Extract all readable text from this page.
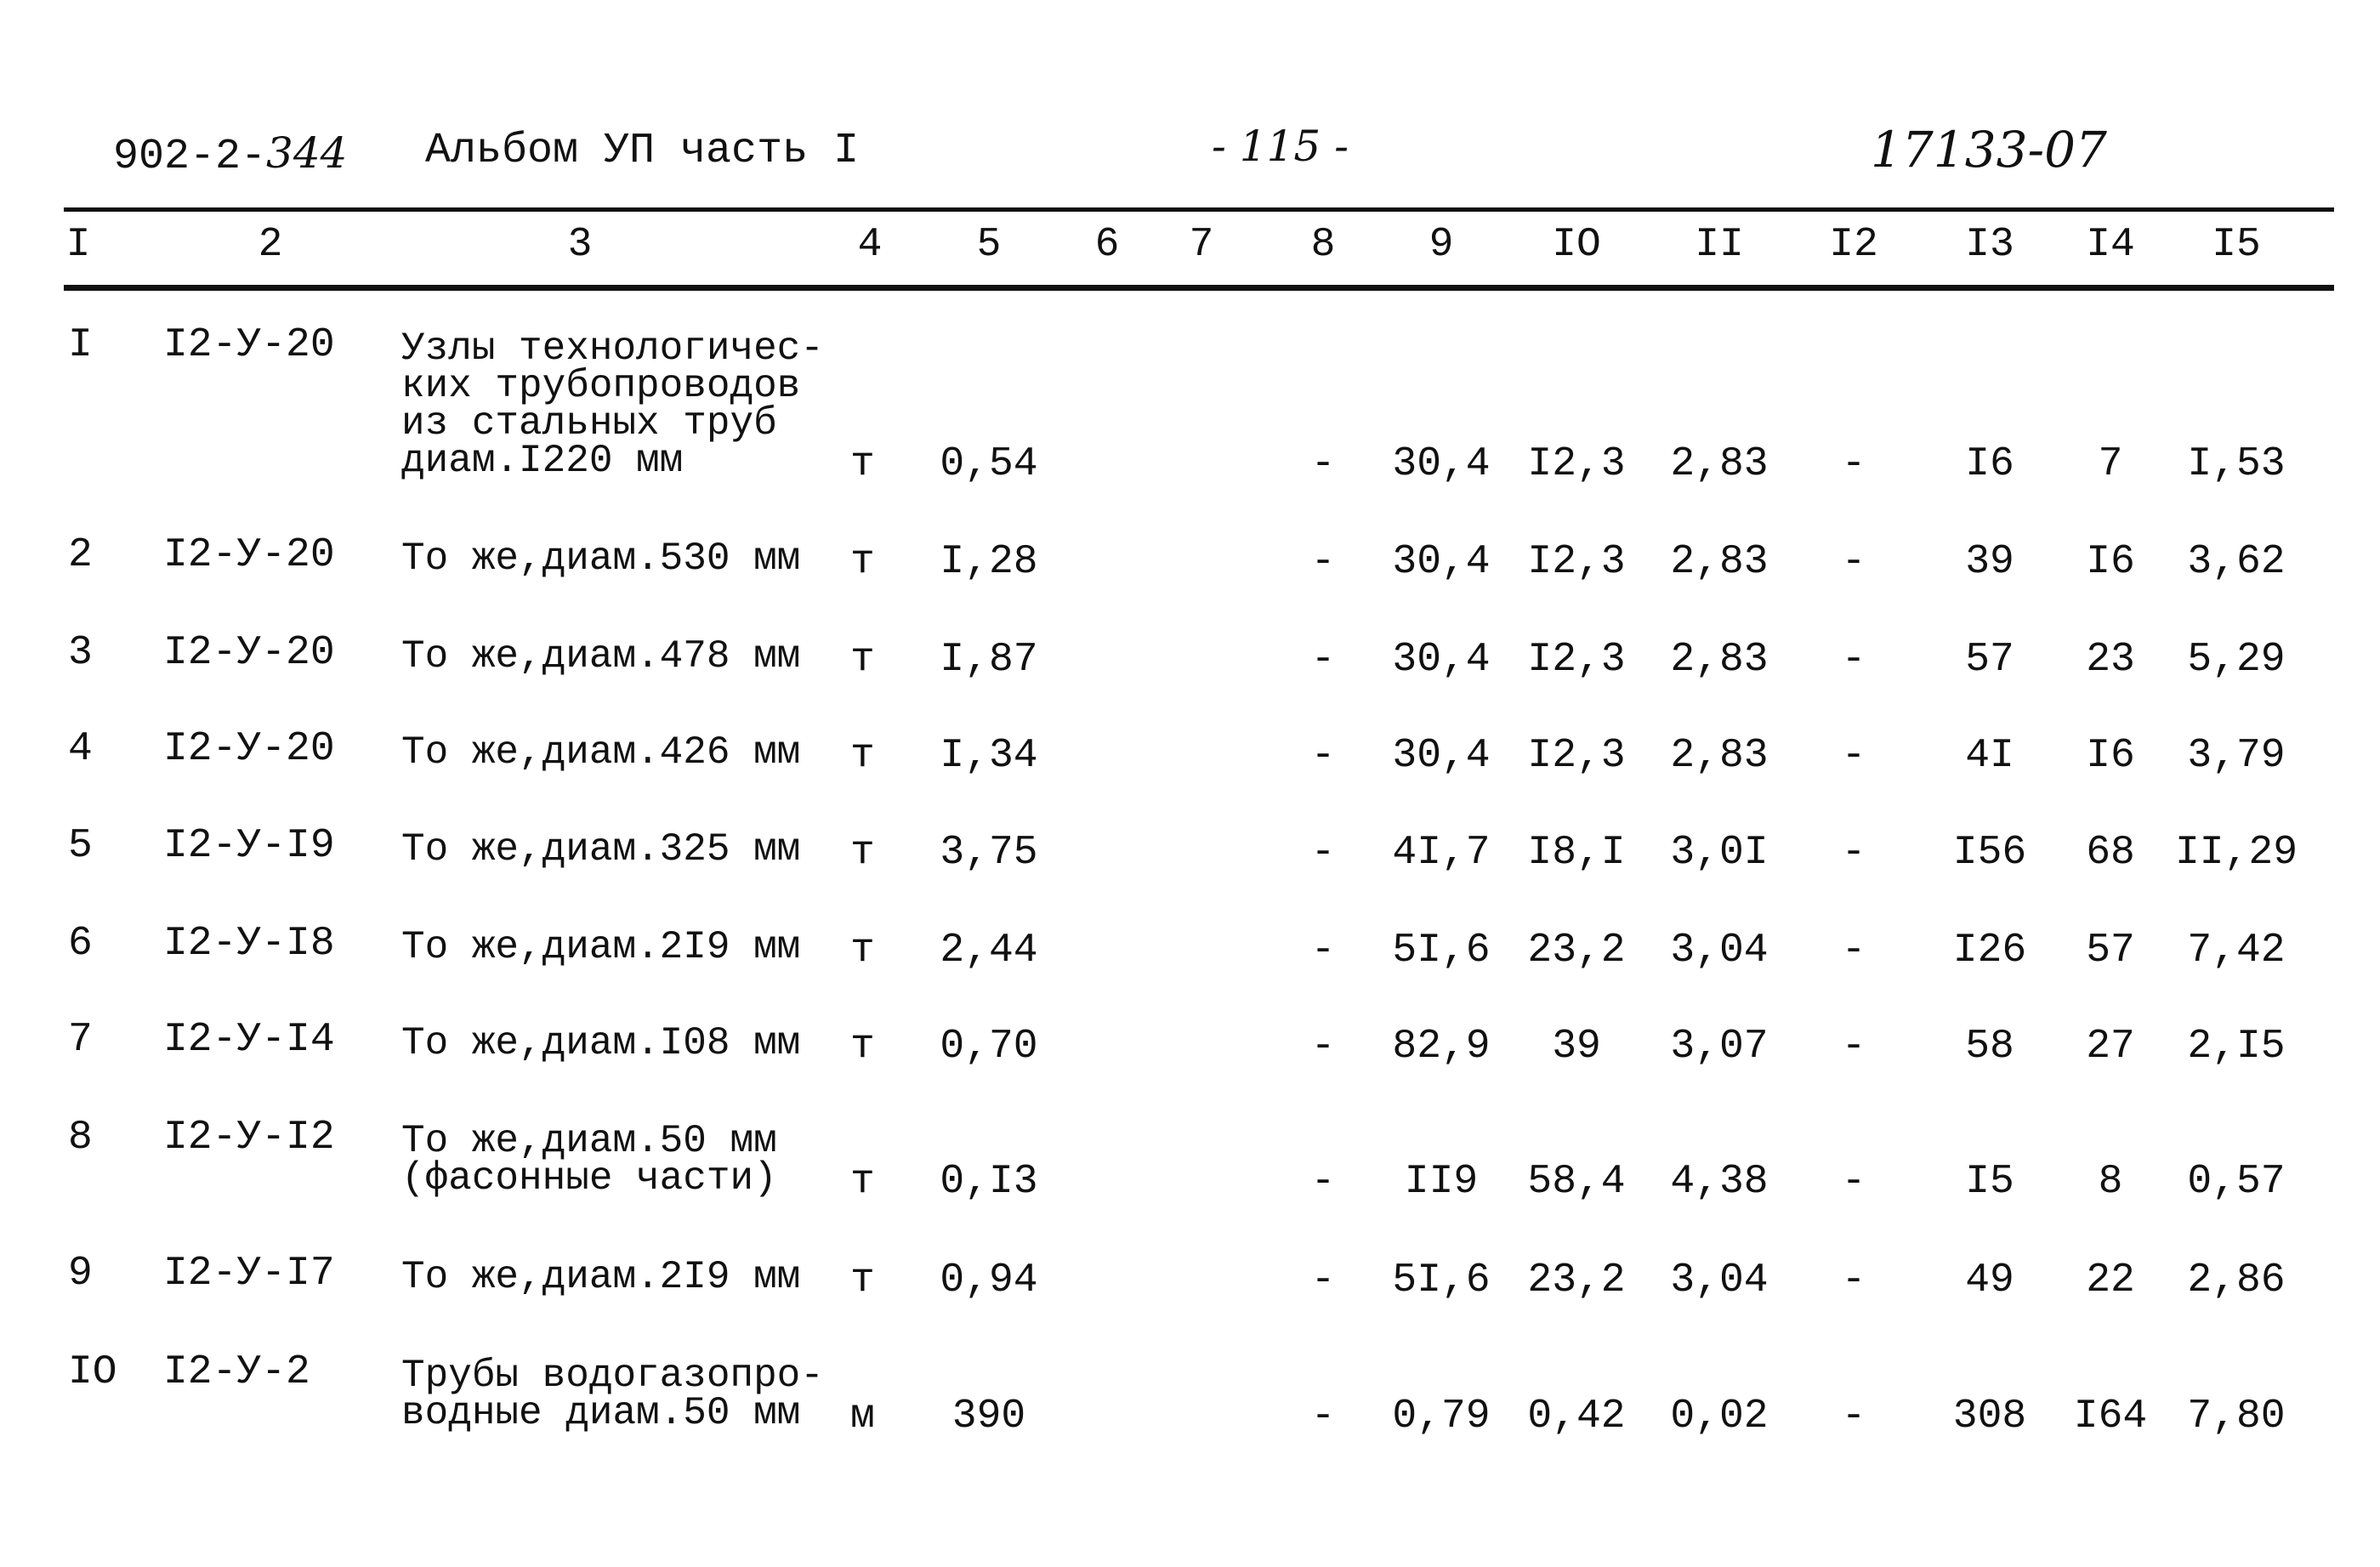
902-2-344 Альбом УП часть I	- 115 -	17133-07
I	2	3	4	5	6	7	8	9	IO	II	I2	I3	I4	I5
I I2-У-20 Узлы технологичес-
ких трубопроводов
из стальных труб
диам.I220 мм	т	0,54	-	30,4 I2,3	2,83	-	I6	7	I,53
2 I2-У-20 То же,диам.530 мм т	I,28	-	30,4 I2,3	2,83	-	39	I6	3,62
3 I2-У-20 То же,диам.478 мм т	I,87	-	30,4 I2,3	2,83	-	57	23	5,29
4 I2-У-20 То же,диам.426 мм т	I,34	-	30,4 I2,3	2,83	-	4I	I6	3,79
5 I2-У-I9 То же,диам.325 мм т	3,75	-	4I,7 I8,I	3,0I	-	I56	68 II,29
6 I2-У-I8 То же,диам.2I9 мм т	2,44	-	5I,6 23,2	3,04	-	I26	57	7,42
7 I2-У-I4 То же,диам.I08 мм т	0,70	-	82,9	39	3,07	-	58	27	2,I5
8 I2-У-I2 То же,диам.50 мм
(фасонные части) т	0,I3	-	II9	58,4	4,38	-	I5	8	0,57
9 I2-У-I7 То же,диам.2I9 мм т	0,94	-	5I,6 23,2	3,04	-	49	22	2,86
IO I2-У-2 Трубы водогазопро-
водные диам.50 мм	м	390	-	0,79 0,42	0,02	-	308	I64 7,80
